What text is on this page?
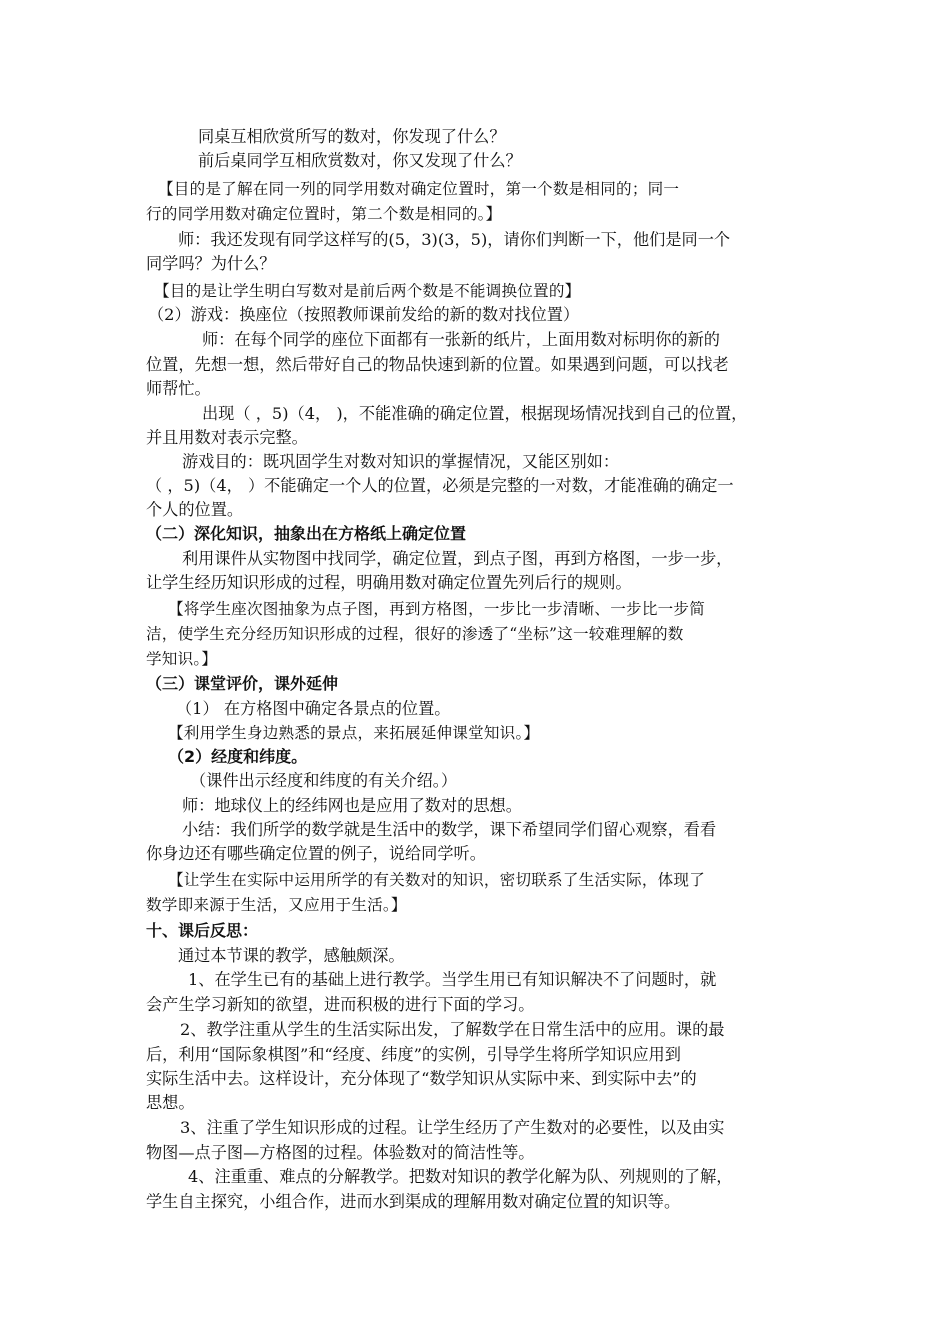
同桌互相欣赏所写的数对，你发现了什么？
前后桌同学互相欣赏数对，你又发现了什么？
【目的是了解在同一列的同学用数对确定位置时，第一个数是相同的；同一
行的同学用数对确定位置时，第二个数是相同的。】
师：我还发现有同学这样写的(5，3)(3，5)，请你们判断一下，他们是同一个
同学吗？为什么？
【目的是让学生明白写数对是前后两个数是不能调换位置的】
（2）游戏：换座位（按照教师课前发给的新的数对找位置）
师：在每个同学的座位下面都有一张新的纸片，上面用数对标明你的新的
位置，先想一想，然后带好自己的物品快速到新的位置。如果遇到问题，可以找老
师帮忙。
出现（ ，5)（4， )，不能准确的确定位置，根据现场情况找到自己的位置，
并且用数对表示完整。
游戏目的：既巩固学生对数对知识的掌握情况，又能区别如：
（ ，5)（4， ）不能确定一个人的位置，必须是完整的一对数，才能准确的确定一
个人的位置。
（二）深化知识，抽象出在方格纸上确定位置
利用课件从实物图中找同学，确定位置，到点子图，再到方格图，一步一步，
让学生经历知识形成的过程，明确用数对确定位置先列后行的规则。
【将学生座次图抽象为点子图，再到方格图，一步比一步清晰、一步比一步简
洁，使学生充分经历知识形成的过程，很好的渗透了“坐标”这一较难理解的数
学知识。】
（三）课堂评价，课外延伸
（1） 在方格图中确定各景点的位置。
【利用学生身边熟悉的景点，来拓展延伸课堂知识。】
（2）经度和纬度。
（课件出示经度和纬度的有关介绍。）
师：地球仪上的经纬网也是应用了数对的思想。
小结：我们所学的数学就是生活中的数学，课下希望同学们留心观察，看看
你身边还有哪些确定位置的例子，说给同学听。
【让学生在实际中运用所学的有关数对的知识，密切联系了生活实际，体现了
数学即来源于生活，又应用于生活。】
十、课后反思：
通过本节课的教学，感触颇深。
1、在学生已有的基础上进行教学。当学生用已有知识解决不了问题时，就
会产生学习新知的欲望，进而积极的进行下面的学习。
2、教学注重从学生的生活实际出发，了解数学在日常生活中的应用。课的最
后，利用“国际象棋图”和“经度、纬度”的实例，引导学生将所学知识应用到
实际生活中去。这样设计，充分体现了“数学知识从实际中来、到实际中去”的
思想。
3、注重了学生知识形成的过程。让学生经历了产生数对的必要性，以及由实
物图—点子图—方格图的过程。体验数对的简洁性等。
4、注重重、难点的分解教学。把数对知识的教学化解为队、列规则的了解，
学生自主探究，小组合作，进而水到渠成的理解用数对确定位置的知识等。
